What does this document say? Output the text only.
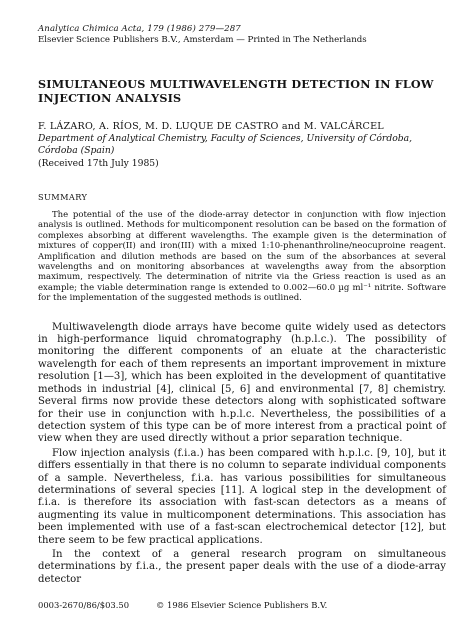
Analytica Chimica Acta, 179 (1986) 279—287
Elsevier Science Publishers B.V., Amsterdam — Printed in The Netherlands
SIMULTANEOUS MULTIWAVELENGTH DETECTION IN FLOW
INJECTION ANALYSIS
F. LÁZARO, A. RÍOS, M. D. LUQUE DE CASTRO and M. VALCÁRCEL
Department of Analytical Chemistry, Faculty of Sciences, University of Córdoba,
Córdoba (Spain)
(Received 17th July 1985)
SUMMARY

The potential of the use of the diode-array detector in conjunction with flow injection analysis is outlined. Methods for multicomponent resolution can be based on the formation of complexes absorbing at different wavelengths. The example given is the determination of mixtures of copper(II) and iron(III) with a mixed 1:10-phenanthroline/neocuproine reagent. Amplification and dilution methods are based on the sum of the absorbances at several wavelengths and on monitoring absorbances at wavelengths away from the absorption maximum, respectively. The determination of nitrite via the Griess reaction is used as an example; the viable determination range is extended to 0.002—60.0 µg ml⁻¹ nitrite. Software for the implementation of the suggested methods is outlined.

Multiwavelength diode arrays have become quite widely used as detectors in high-performance liquid chromatography (h.p.l.c.). The possibility of monitoring the different components of an eluate at the characteristic wavelength for each of them represents an important improvement in mixture resolution [1—3], which has been exploited in the development of quantitative methods in industrial [4], clinical [5, 6] and environmental [7, 8] chemistry. Several firms now provide these detectors along with sophisticated software for their use in conjunction with h.p.l.c. Nevertheless, the possibilities of a detection system of this type can be of more interest from a practical point of view when they are used directly without a prior separation technique.

Flow injection analysis (f.i.a.) has been compared with h.p.l.c. [9, 10], but it differs essentially in that there is no column to separate individual components of a sample. Nevertheless, f.i.a. has various possibilities for simultaneous determinations of several species [11]. A logical step in the development of f.i.a. is therefore its association with fast-scan detectors as a means of augmenting its value in multicomponent determinations. This association has been implemented with use of a fast-scan electrochemical detector [12], but there seem to be few practical applications.

In the context of a general research program on simultaneous determinations by f.i.a., the present paper deals with the use of a diode-array detector

0003-2670/86/$03.50	© 1986 Elsevier Science Publishers B.V.
